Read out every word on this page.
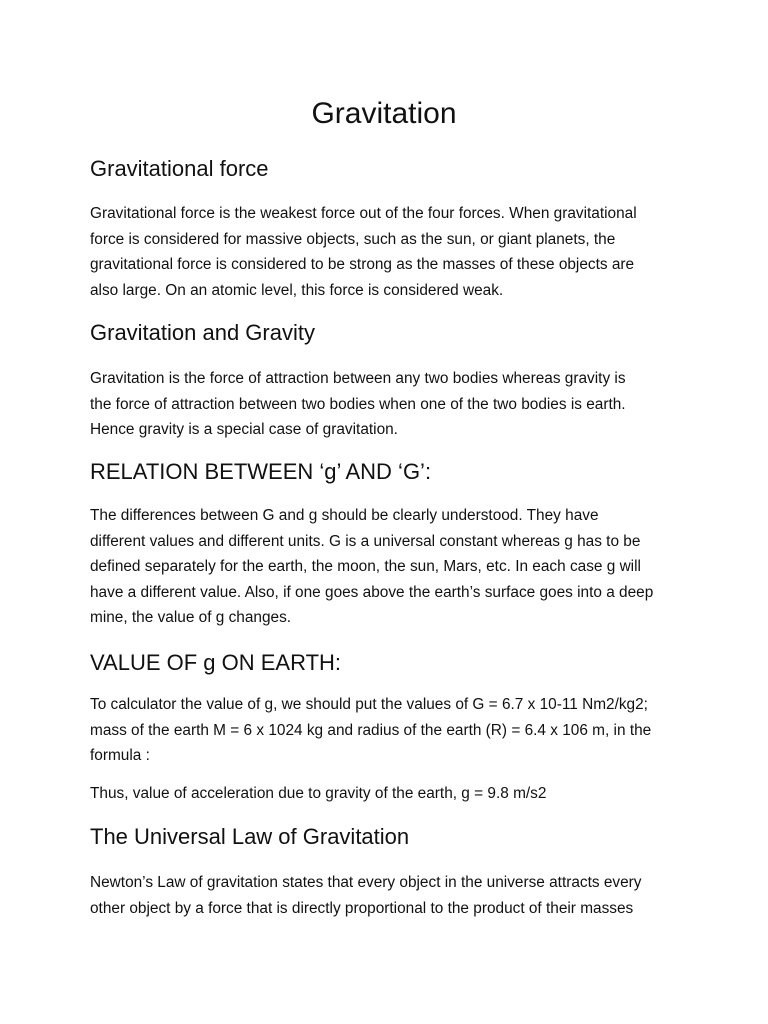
Gravitation
Gravitational force

Gravitational force is the weakest force out of the four forces. When gravitational
force is considered for massive objects, such as the sun, or giant planets, the
gravitational force is considered to be strong as the masses of these objects are
also large. On an atomic level, this force is considered weak.

Gravitation and Gravity

Gravitation is the force of attraction between any two bodies whereas gravity is
the force of attraction between two bodies when one of the two bodies is earth.
Hence gravity is a special case of gravitation.

RELATION BETWEEN ‘g’ AND ‘G’:

The differences between G and g should be clearly understood. They have
different values and different units. G is a universal constant whereas g has to be
defined separately for the earth, the moon, the sun, Mars, etc. In each case g will
have a different value. Also, if one goes above the earth’s surface goes into a deep
mine, the value of g changes.

VALUE OF g ON EARTH:

To calculator the value of g, we should put the values of G = 6.7 x 10-11 Nm2/kg2;
mass of the earth M = 6 x 1024 kg and radius of the earth (R) = 6.4 x 106 m, in the
formula :

Thus, value of acceleration due to gravity of the earth, g = 9.8 m/s2

The Universal Law of Gravitation

Newton’s Law of gravitation states that every object in the universe attracts every
other object by a force that is directly proportional to the product of their masses
